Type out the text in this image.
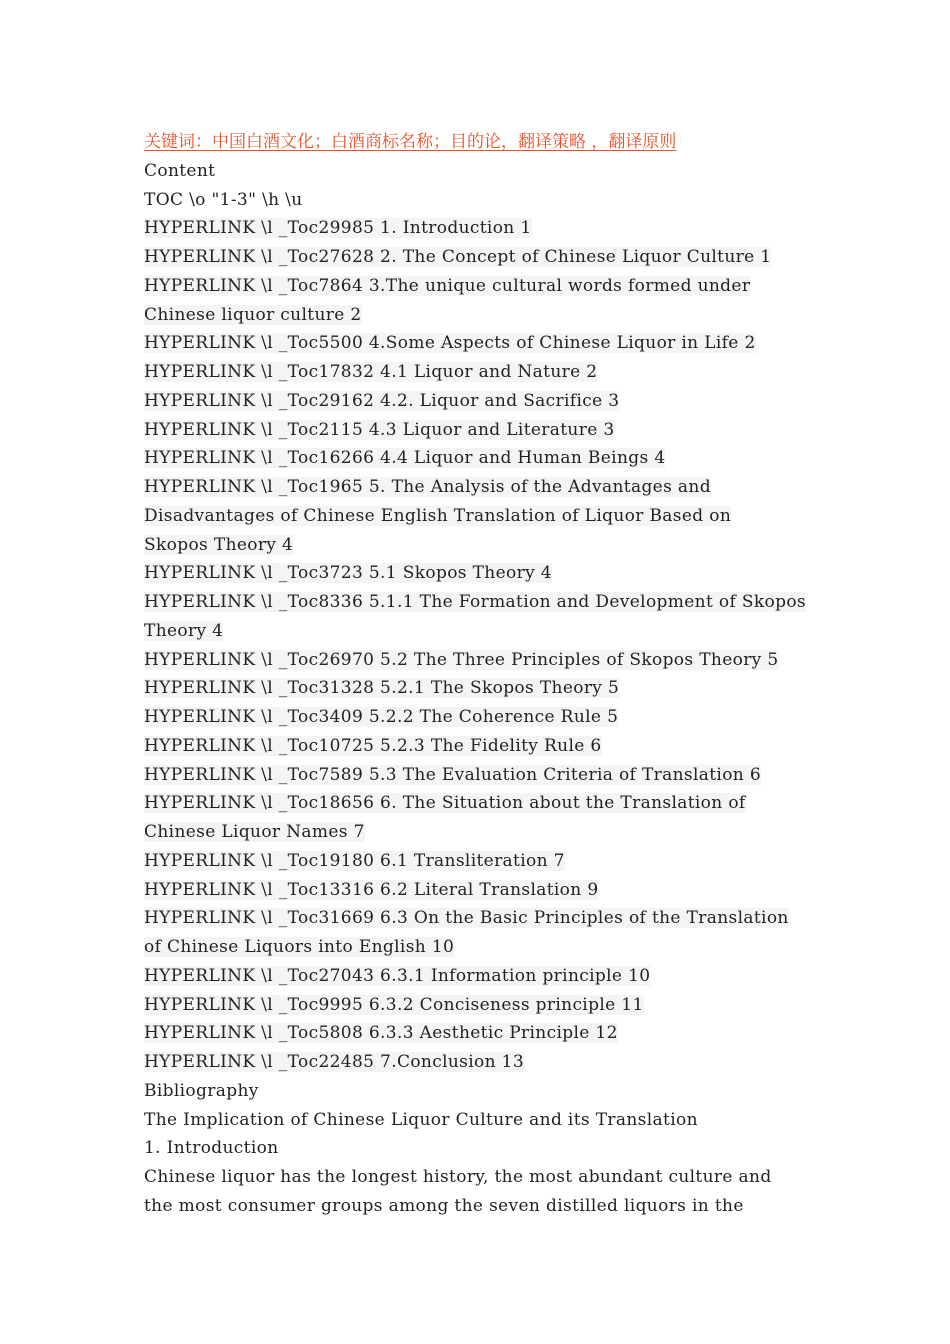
关键词：中国白酒文化；白酒商标名称；目的论，翻译策略 ，翻译原则
Content
TOC \o "1-3" \h \u
HYPERLINK \l _Toc29985 1. Introduction 1
HYPERLINK \l _Toc27628 2. The Concept of Chinese Liquor Culture 1
HYPERLINK \l _Toc7864 3.The unique cultural words formed under
Chinese liquor culture 2
HYPERLINK \l _Toc5500 4.Some Aspects of Chinese Liquor in Life 2
HYPERLINK \l _Toc17832 4.1 Liquor and Nature 2
HYPERLINK \l _Toc29162 4.2. Liquor and Sacrifice 3
HYPERLINK \l _Toc2115 4.3 Liquor and Literature 3
HYPERLINK \l _Toc16266 4.4 Liquor and Human Beings 4
HYPERLINK \l _Toc1965 5. The Analysis of the Advantages and
Disadvantages of Chinese English Translation of Liquor Based on
Skopos Theory 4
HYPERLINK \l _Toc3723 5.1 Skopos Theory 4
HYPERLINK \l _Toc8336 5.1.1 The Formation and Development of Skopos
Theory 4
HYPERLINK \l _Toc26970 5.2 The Three Principles of Skopos Theory 5
HYPERLINK \l _Toc31328 5.2.1 The Skopos Theory 5
HYPERLINK \l _Toc3409 5.2.2 The Coherence Rule 5
HYPERLINK \l _Toc10725 5.2.3 The Fidelity Rule 6
HYPERLINK \l _Toc7589 5.3 The Evaluation Criteria of Translation 6
HYPERLINK \l _Toc18656 6. The Situation about the Translation of
Chinese Liquor Names 7
HYPERLINK \l _Toc19180 6.1 Transliteration 7
HYPERLINK \l _Toc13316 6.2 Literal Translation 9
HYPERLINK \l _Toc31669 6.3 On the Basic Principles of the Translation
of Chinese Liquors into English 10
HYPERLINK \l _Toc27043 6.3.1 Information principle 10
HYPERLINK \l _Toc9995 6.3.2 Conciseness principle 11
HYPERLINK \l _Toc5808 6.3.3 Aesthetic Principle 12
HYPERLINK \l _Toc22485 7.Conclusion 13
Bibliography
The Implication of Chinese Liquor Culture and its Translation
1. Introduction
Chinese liquor has the longest history, the most abundant culture and
the most consumer groups among the seven distilled liquors in the
